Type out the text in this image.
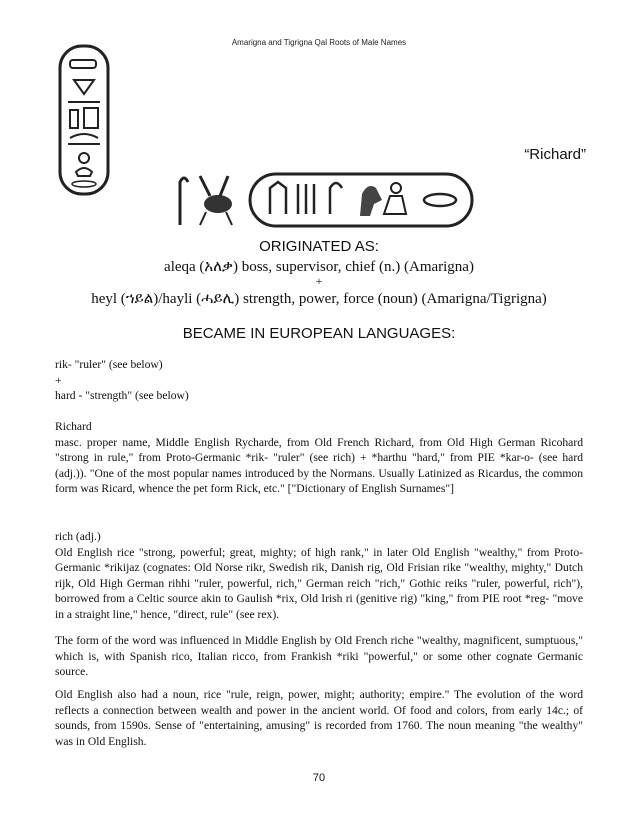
Amarigna and Tigrigna Qal Roots of Male Names
“Richard”
ORIGINATED AS:
aleqa (አለቃ) boss, supervisor, chief (n.) (Amarigna)
+
heyl (ኀይል)/hayli (ሓይሊ) strength, power, force (noun) (Amarigna/Tigrigna)
BECAME IN EUROPEAN LANGUAGES:

rik- "ruler" (see below)

+

hard - "strength" (see below)

Richard

masc. proper name, Middle English Rycharde, from Old French Richard, from Old High German Ricohard "strong in rule," from Proto-Germanic *rik- "ruler" (see rich) + *harthu "hard," from PIE *kar-o- (see hard (adj.)). "One of the most popular names introduced by the Normans. Usually Latinized as Ricardus, the common form was Ricard, whence the pet form Rick, etc." ["Dictionary of English Surnames"]

rich (adj.)

Old English rice "strong, powerful; great, mighty; of high rank," in later Old English "wealthy," from Proto-Germanic *rikijaz (cognates: Old Norse rikr, Swedish rik, Danish rig, Old Frisian rike "wealthy, mighty," Dutch rijk, Old High German rihhi "ruler, powerful, rich," German reich "rich," Gothic reiks "ruler, powerful, rich"), borrowed from a Celtic source akin to Gaulish *rix, Old Irish ri (genitive rig) "king," from PIE root *reg- "move in a straight line," hence, "direct, rule" (see rex).

The form of the word was influenced in Middle English by Old French riche "wealthy, magnificent, sumptuous," which is, with Spanish rico, Italian ricco, from Frankish *riki "powerful," or some other cognate Germanic source.
Old English also had a noun, rice "rule, reign, power, might; authority; empire." The evolution of the word reflects a connection between wealth and power in the ancient world. Of food and colors, from early 14c.; of sounds, from 1590s. Sense of "entertaining, amusing" is recorded from 1760. The noun meaning "the wealthy" was in Old English.
70
